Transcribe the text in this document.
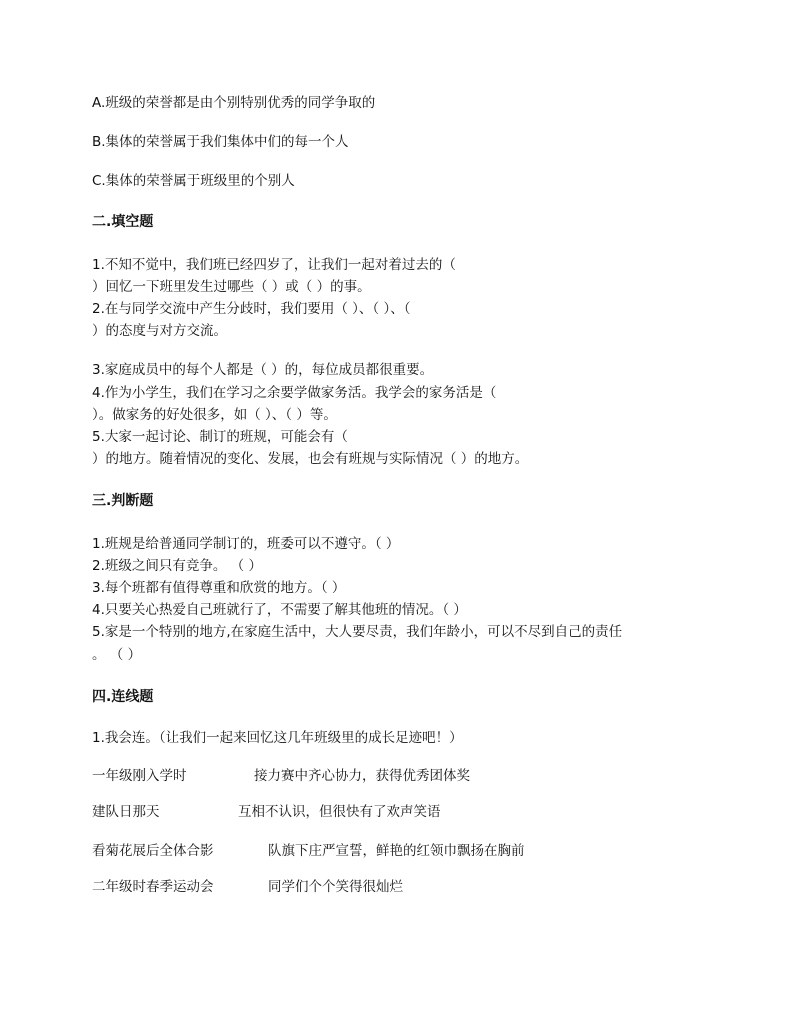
A.班级的荣誉都是由个别特别优秀的同学争取的
B.集体的荣誉属于我们集体中们的每一个人
C.集体的荣誉属于班级里的个别人
二.填空题
1.不知不觉中，我们班已经四岁了，让我们一起对着过去的（
）回忆一下班里发生过哪些（ ）或（ ）的事。
2.在与同学交流中产生分歧时，我们要用（ ）、（ ）、（
）的态度与对方交流。
3.家庭成员中的每个人都是（ ）的，每位成员都很重要。
4.作为小学生，我们在学习之余要学做家务活。我学会的家务活是（
）。做家务的好处很多，如（ ）、（ ）等。
5.大家一起讨论、制订的班规，可能会有（
）的地方。随着情况的变化、发展，也会有班规与实际情况（ ）的地方。
三.判断题
1.班规是给普通同学制订的，班委可以不遵守。（ ）
2.班级之间只有竞争。 （ ）
3.每个班都有值得尊重和欣赏的地方。（ ）
4.只要关心热爱自己班就行了，不需要了解其他班的情况。（ ）
5.家是一个特别的地方,在家庭生活中，大人要尽责，我们年龄小，可以不尽到自己的责任
。 （ ）
四.连线题
1.我会连。（让我们一起来回忆这几年班级里的成长足迹吧！）
一年级刚入学时	接力赛中齐心协力，获得优秀团体奖
建队日那天	互相不认识，但很快有了欢声笑语
看菊花展后全体合影	队旗下庄严宣誓，鲜艳的红领巾飘扬在胸前
二年级时春季运动会	同学们个个笑得很灿烂
